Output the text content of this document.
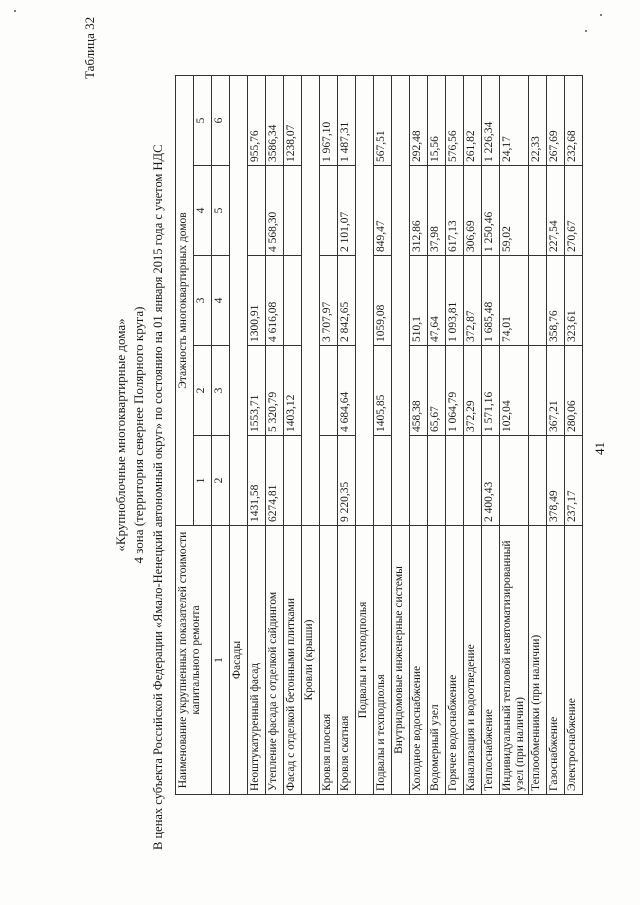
41
Таблица 32
«Крупноблочные многоквартирные дома» 4 зона (территория севернее Полярного круга) В ценах субъекта Российской Федерации «Ямало-Ненецкий автономный округ» по состоянию на 01 января 2015 года с учетом НДС Наименование укрупненных показателей стоимости капитального ремонта	Этажность многоквартирных домов				
	1	2	3	4	5
1	2	3	4	5	6
Фасады					
Неоштукатуренный фасад	1431,58	1553,71	1300,91		955,76
Утепление фасада с отделкой сайдингом	6274,81	5 320,79	4 616,08	4 568,30	3586,34
Фасад с отделкой бетонными плитками		1403,12			1238,07
Кровли (крыши)					
Кровля плоская			3 707,97		1 967,10
Кровля скатная	9 220,35	4 684,64	2 842,65	2 101,07	1 487,31
Подвалы и техподполья					
Подвалы и техподполья		1405,85	1059,08	849,47	567,51
Внутридомовые инженерные системы					
Холодное водоснабжение		458,38	510,1	312,86	292,48
Водомерный узел		65,67	47,64	37,98	15,56
Горячее водоснабжение		1 064,79	1 093,81	617,13	576,56
Канализация и водоотведение		372,29	372,87	306,69	261,82
Теплоснабжение	2 400,43	1 571,16	1 685,48	1 250,46	1 226,34
Индивидуальный тепловой неавтоматизированный узел (при наличии)		102,04	74,01	59,02	24,17
Теплообменники (при наличии)					22,33
Газоснабжение	378,49	367,21	358,76	227,54	267,69
Электроснабжение	237,17	280,06	323,61	270,67	232,68
